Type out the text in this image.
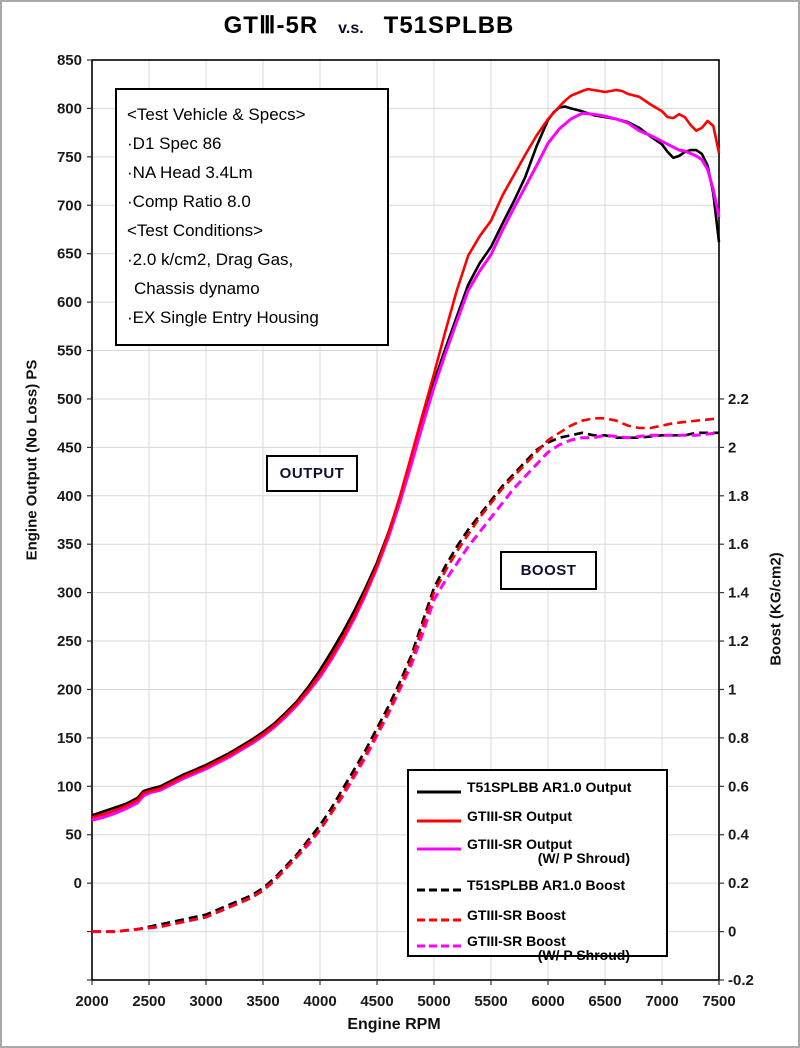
GTⅢ-5R v.s. T51SPLBB
850
800
750
700
650
600
550
500
450
400
350
300
250
200
150
100
50
0
2.2
2
1.8
1.6
1.4
1.2
1
0.8
0.6
0.4
0.2
0
-0.2
2000 2500 3000 3500 4000 4500 5000 5500 6000 6500 7000 7500
Engine Output (No Loss) PS
Boost (KG/cm2)
Engine RPM
<Test Vehicle & Specs>
·D1 Spec 86
·NA Head 3.4Lm
·Comp Ratio 8.0
<Test Conditions>
·2.0 k/cm2, Drag Gas,
Chassis dynamo
·EX Single Entry Housing
OUTPUT
BOOST
T51SPLBB AR1.0 Output
GTIII-SR Output
GTIII-SR Output
(W/ P Shroud)
T51SPLBB AR1.0 Boost
GTIII-SR Boost
GTIII-SR Boost
(W/ P Shroud)
